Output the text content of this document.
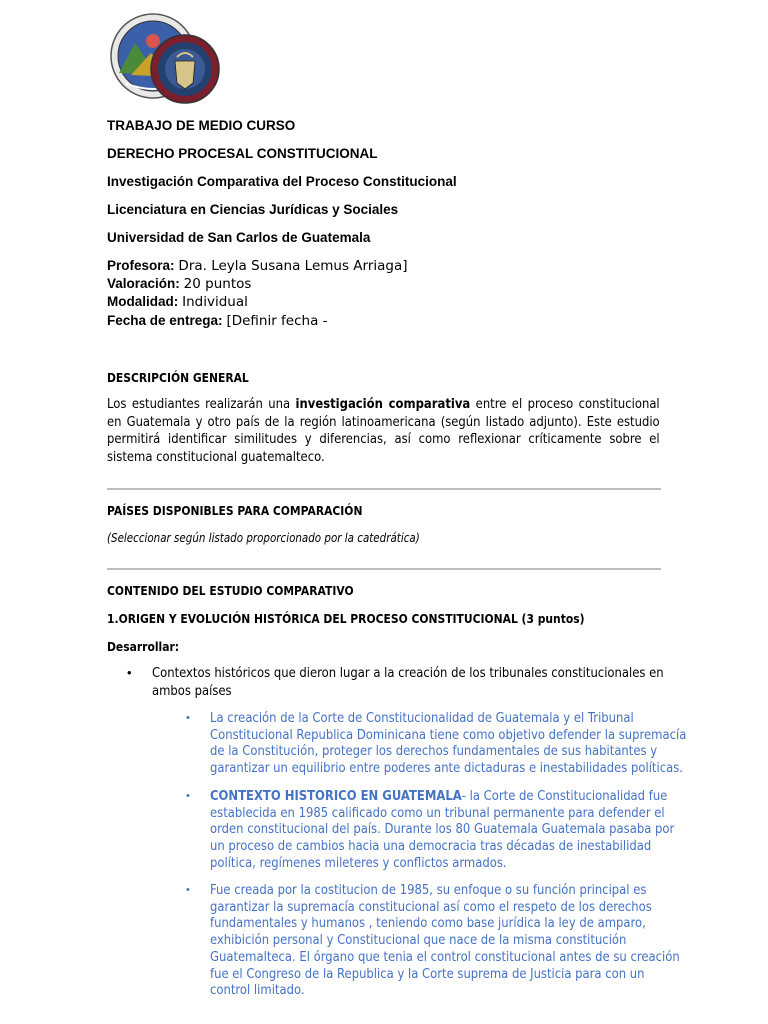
TRABAJO DE MEDIO CURSO
DERECHO PROCESAL CONSTITUCIONAL
Investigación Comparativa del Proceso Constitucional
Licenciatura en Ciencias Jurídicas y Sociales
Universidad de San Carlos de Guatemala
Profesora: Dra. Leyla Susana Lemus Arriaga]
Valoración: 20 puntos
Modalidad: Individual
Fecha de entrega: [Definir fecha -
DESCRIPCIÓN GENERAL
Los estudiantes realizarán una investigación comparativa entre el proceso constitucional en Guatemala y otro país de la región latinoamericana (según listado adjunto). Este estudio permitirá identificar similitudes y diferencias, así como reflexionar críticamente sobre el sistema constitucional guatemalteco.
PAÍSES DISPONIBLES PARA COMPARACIÓN
(Seleccionar según listado proporcionado por la catedrática)
CONTENIDO DEL ESTUDIO COMPARATIVO
1.ORIGEN Y EVOLUCIÓN HISTÓRICA DEL PROCESO CONSTITUCIONAL (3 puntos)
Desarrollar:
• Contextos históricos que dieron lugar a la creación de los tribunales constitucionales en ambos países
• La creación de la Corte de Constitucionalidad de Guatemala y el Tribunal Constitucional Republica Dominicana tiene como objetivo defender la supremacía de la Constitución, proteger los derechos fundamentales de sus habitantes y garantizar un equilibrio entre poderes ante dictaduras e inestabilidades políticas.
• CONTEXTO HISTORICO EN GUATEMALA- la Corte de Constitucionalidad fue establecida en 1985 calificado como un tribunal permanente para defender el orden constitucional del país. Durante los 80 Guatemala Guatemala pasaba por un proceso de cambios hacia una democracia tras décadas de inestabilidad política, regímenes mileteres y conflictos armados.
• Fue creada por la costitucion de 1985, su enfoque o su función principal es garantizar la supremacía constitucional así como el respeto de los derechos fundamentales y humanos , teniendo como base jurídica la ley de amparo, exhibición personal y Constitucional que nace de la misma constitución Guatemalteca. El órgano que tenia el control constitucional antes de su creación fue el Congreso de la Republica y la Corte suprema de Justicia para con un control limitado.
